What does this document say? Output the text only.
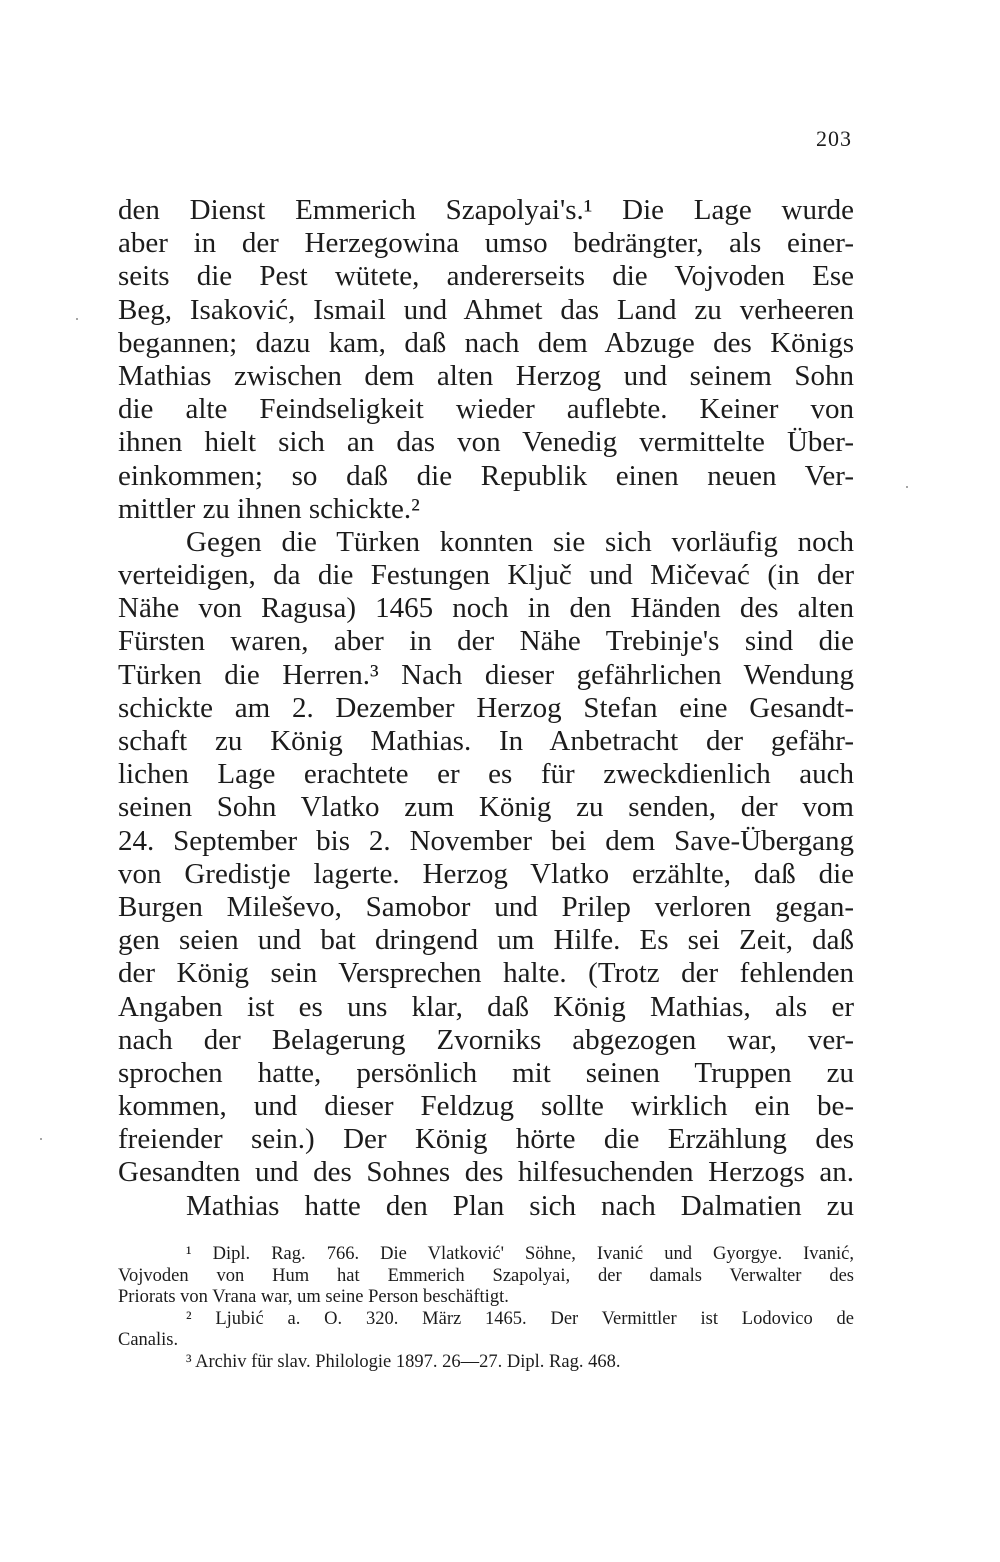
203
den Dienst Emmerich Szapolyai's.¹ Die Lage wurde
aber in der Herzegowina umso bedrängter, als einer-
seits die Pest wütete, andererseits die Vojvoden Ese
Beg, Isaković, Ismail und Ahmet das Land zu verheeren
begannen; dazu kam, daß nach dem Abzuge des Königs
Mathias zwischen dem alten Herzog und seinem Sohn
die alte Feindseligkeit wieder auflebte. Keiner von
ihnen hielt sich an das von Venedig vermittelte Über-
einkommen; so daß die Republik einen neuen Ver-
mittler zu ihnen schickte.²
Gegen die Türken konnten sie sich vorläufig noch
verteidigen, da die Festungen Ključ und Mičevać (in der
Nähe von Ragusa) 1465 noch in den Händen des alten
Fürsten waren, aber in der Nähe Trebinje's sind die
Türken die Herren.³ Nach dieser gefährlichen Wendung
schickte am 2. Dezember Herzog Stefan eine Gesandt-
schaft zu König Mathias. In Anbetracht der gefähr-
lichen Lage erachtete er es für zweckdienlich auch
seinen Sohn Vlatko zum König zu senden, der vom
24. September bis 2. November bei dem Save-Übergang
von Gredistje lagerte. Herzog Vlatko erzählte, daß die
Burgen Mileševo, Samobor und Prilep verloren gegan-
gen seien und bat dringend um Hilfe. Es sei Zeit, daß
der König sein Versprechen halte. (Trotz der fehlenden
Angaben ist es uns klar, daß König Mathias, als er
nach der Belagerung Zvorniks abgezogen war, ver-
sprochen hatte, persönlich mit seinen Truppen zu
kommen, und dieser Feldzug sollte wirklich ein be-
freiender sein.) Der König hörte die Erzählung des
Gesandten und des Sohnes des hilfesuchenden Herzogs an.
Mathias hatte den Plan sich nach Dalmatien zu
¹ Dipl. Rag. 766. Die Vlatković' Söhne, Ivanić und Gyorgye. Ivanić,
Vojvoden von Hum hat Emmerich Szapolyai, der damals Verwalter des
Priorats von Vrana war, um seine Person beschäftigt.
² Ljubić a. O. 320. März 1465. Der Vermittler ist Lodovico de
Canalis.
³ Archiv für slav. Philologie 1897. 26—27. Dipl. Rag. 468.
